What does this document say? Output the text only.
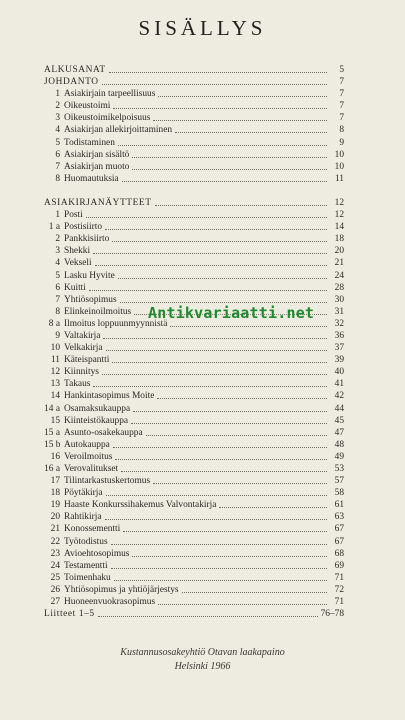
SISÄLLYS
ALKUSANAT	5
JOHDANTO	7
1 Asiakirjain tarpeellisuus	7
2 Oikeustoimi	7
3 Oikeustoimikelpoisuus	7
4 Asiakirjan allekirjoittaminen	8
5 Todistaminen	9
6 Asiakirjan sisältö	10
7 Asiakirjan muoto	10
8 Huomautuksia	11
ASIAKIRJANÄYTTEET	12
1 Posti	12
1 a Postisiirto	14
2 Pankkisiirto	18
3 Shekki	20
4 Vekseli	21
5 Lasku Hyvite	24
6 Kuitti	28
7 Yhtiösopimus	30
8 Elinkeinoilmoitus	31
8 a Ilmoitus loppuunmyynnistä	32
9 Valtakirja	36
10 Velkakirja	37
11 Käteispantti	39
12 Kiinnitys	40
13 Takaus	41
14 Hankintasopimus Moite	42
14 a Osamaksukauppa	44
15 Kiinteistökauppa	45
15 a Asunto-osakekauppa	47
15 b Autokauppa	48
16 Veroilmoitus	49
16 a Verovalitukset	53
17 Tilintarkastuskertomus	57
18 Pöytäkirja	58
19 Haaste Konkurssihakemus Valvontakirja	61
20 Rahtikirja	63
21 Konossementti	67
22 Työtodistus	67
23 Avioehtosopimus	68
24 Testamentti	69
25 Toimenhaku	71
26 Yhtiösopimus ja yhtiöjärjestys	72
27 Huoneenvuokrasopimus	71
Liitteet 1–5	76–78
Antikvariaatti.net
Kustannusosakeyhtiö Otavan laakapaino
Helsinki 1966
